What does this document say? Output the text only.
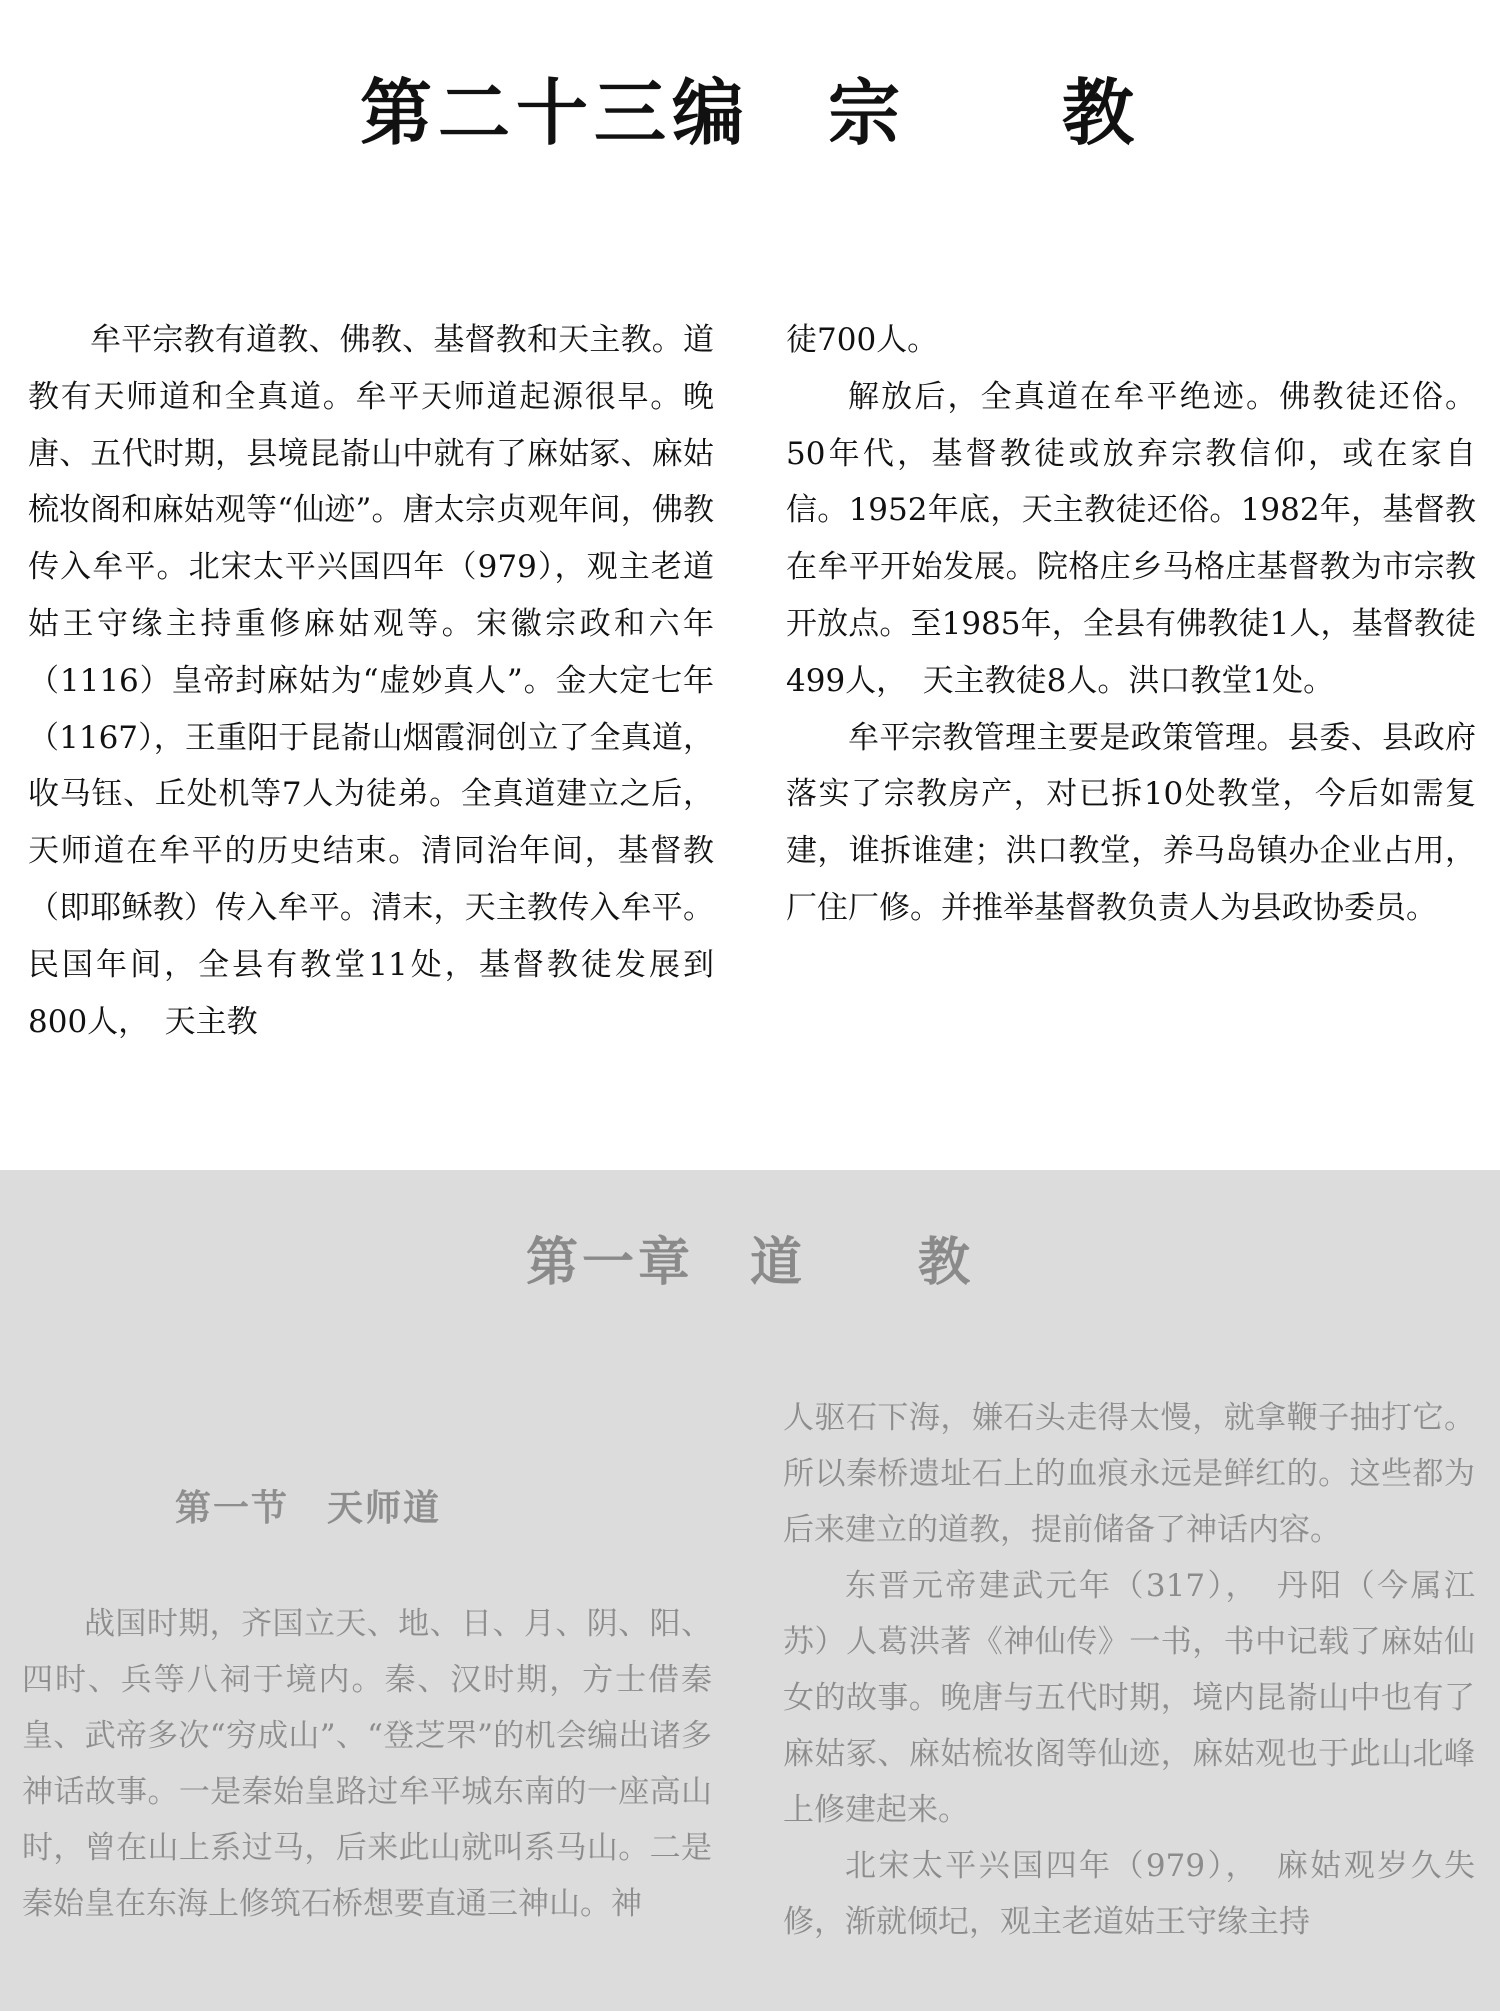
第二十三编　宗　　教

牟平宗教有道教、佛教、基督教和天主教。道教有天师道和全真道。牟平天师道起源很早。晚唐、五代时期，县境昆嵛山中就有了麻姑冢、麻姑梳妆阁和麻姑观等“仙迹”。唐太宗贞观年间，佛教传入牟平。北宋太平兴国四年（979），观主老道姑王守缘主持重修麻姑观等。宋徽宗政和六年（1116）皇帝封麻姑为“虚妙真人”。金大定七年（1167），王重阳于昆嵛山烟霞洞创立了全真道，收马钰、丘处机等7人为徒弟。全真道建立之后，天师道在牟平的历史结束。清同治年间，基督教（即耶稣教）传入牟平。清末，天主教传入牟平。民国年间，全县有教堂11处，基督教徒发展到800人，　天主教

徒700人。

解放后，全真道在牟平绝迹。佛教徒还俗。50年代，基督教徒或放弃宗教信仰，或在家自信。1952年底，天主教徒还俗。1982年，基督教在牟平开始发展。院格庄乡马格庄基督教为市宗教开放点。至1985年，全县有佛教徒1人，基督教徒499人，　天主教徒8人。洪口教堂1处。

牟平宗教管理主要是政策管理。县委、县政府落实了宗教房产，对已拆10处教堂，今后如需复建，谁拆谁建；洪口教堂，养马岛镇办企业占用，厂住厂修。并推举基督教负责人为县政协委员。

第一章　道　　教
第一节　天师道

战国时期，齐国立天、地、日、月、阴、阳、四时、兵等八祠于境内。秦、汉时期，方士借秦皇、武帝多次“穷成山”、“登芝罘”的机会编出诸多神话故事。一是秦始皇路过牟平城东南的一座高山时，曾在山上系过马，后来此山就叫系马山。二是秦始皇在东海上修筑石桥想要直通三神山。神

人驱石下海，嫌石头走得太慢，就拿鞭子抽打它。所以秦桥遗址石上的血痕永远是鲜红的。这些都为后来建立的道教，提前储备了神话内容。

东晋元帝建武元年（317），　丹阳（今属江苏）人葛洪著《神仙传》一书，书中记载了麻姑仙女的故事。晚唐与五代时期，境内昆嵛山中也有了麻姑冢、麻姑梳妆阁等仙迹，麻姑观也于此山北峰上修建起来。

北宋太平兴国四年（979），　麻姑观岁久失修，渐就倾圮，观主老道姑王守缘主持
